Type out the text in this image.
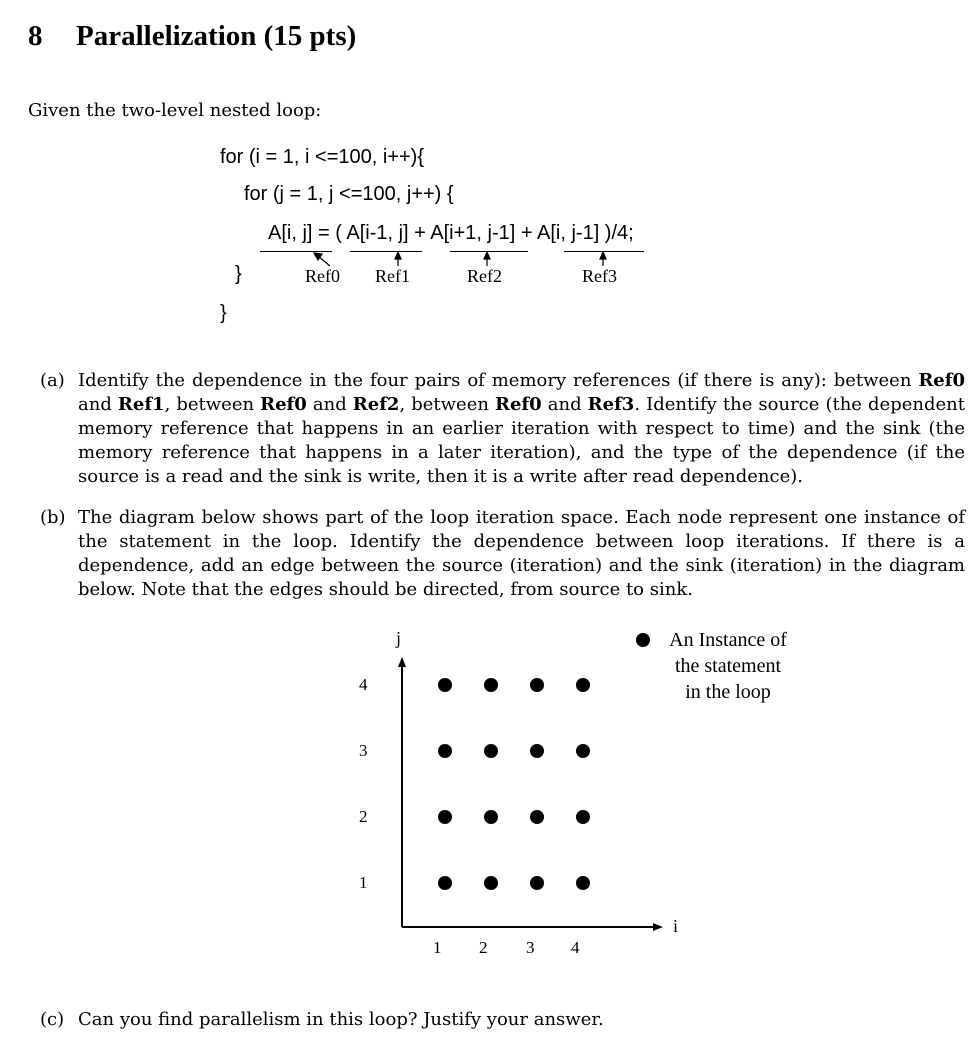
8 Parallelization (15 pts)
Given the two-level nested loop:
for (i = 1, i <=100, i++){
for (j = 1, j <=100, j++) {
A[i, j] = ( A[i-1, j] + A[i+1, j-1] + A[i, j-1] )/4;
}
}
Ref0 Ref1	Ref2	Ref3
(a) Identify the dependence in the four pairs of memory references (if there is any): between Ref0 and Ref1, between Ref0 and Ref2, between Ref0 and Ref3. Identify the source (the dependent memory reference that happens in an earlier iteration with respect to time) and the sink (the memory reference that happens in a later iteration), and the type of the dependence (if the source is a read and the sink is write, then it is a write after read dependence).
(b) The diagram below shows part of the loop iteration space. Each node represent one instance of the statement in the loop. Identify the dependence between loop iterations. If there is a dependence, add an edge between the source (iteration) and the sink (iteration) in the diagram below. Note that the edges should be directed, from source to sink.
j
i
4
3
2
1
1 2 3 4
An Instance of
the statement
in the loop
(c) Can you find parallelism in this loop? Justify your answer.
